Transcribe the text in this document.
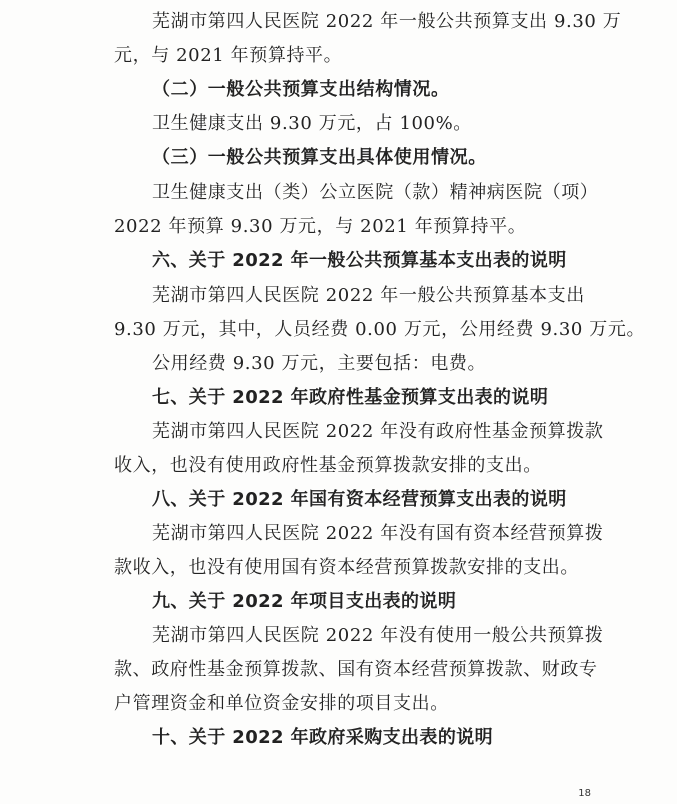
芜湖市第四人民医院 2022 年一般公共预算支出 9.30 万
元，与 2021 年预算持平。
（二）一般公共预算支出结构情况。
卫生健康支出 9.30 万元，占 100%。
（三）一般公共预算支出具体使用情况。
卫生健康支出（类）公立医院（款）精神病医院（项）
2022 年预算 9.30 万元，与 2021 年预算持平。
六、关于 2022 年一般公共预算基本支出表的说明
芜湖市第四人民医院 2022 年一般公共预算基本支出
9.30 万元，其中，人员经费 0.00 万元，公用经费 9.30 万元。
公用经费 9.30 万元，主要包括：电费。
七、关于 2022 年政府性基金预算支出表的说明
芜湖市第四人民医院 2022 年没有政府性基金预算拨款
收入，也没有使用政府性基金预算拨款安排的支出。
八、关于 2022 年国有资本经营预算支出表的说明
芜湖市第四人民医院 2022 年没有国有资本经营预算拨
款收入，也没有使用国有资本经营预算拨款安排的支出。
九、关于 2022 年项目支出表的说明
芜湖市第四人民医院 2022 年没有使用一般公共预算拨
款、政府性基金预算拨款、国有资本经营预算拨款、财政专
户管理资金和单位资金安排的项目支出。
十、关于 2022 年政府采购支出表的说明
18
